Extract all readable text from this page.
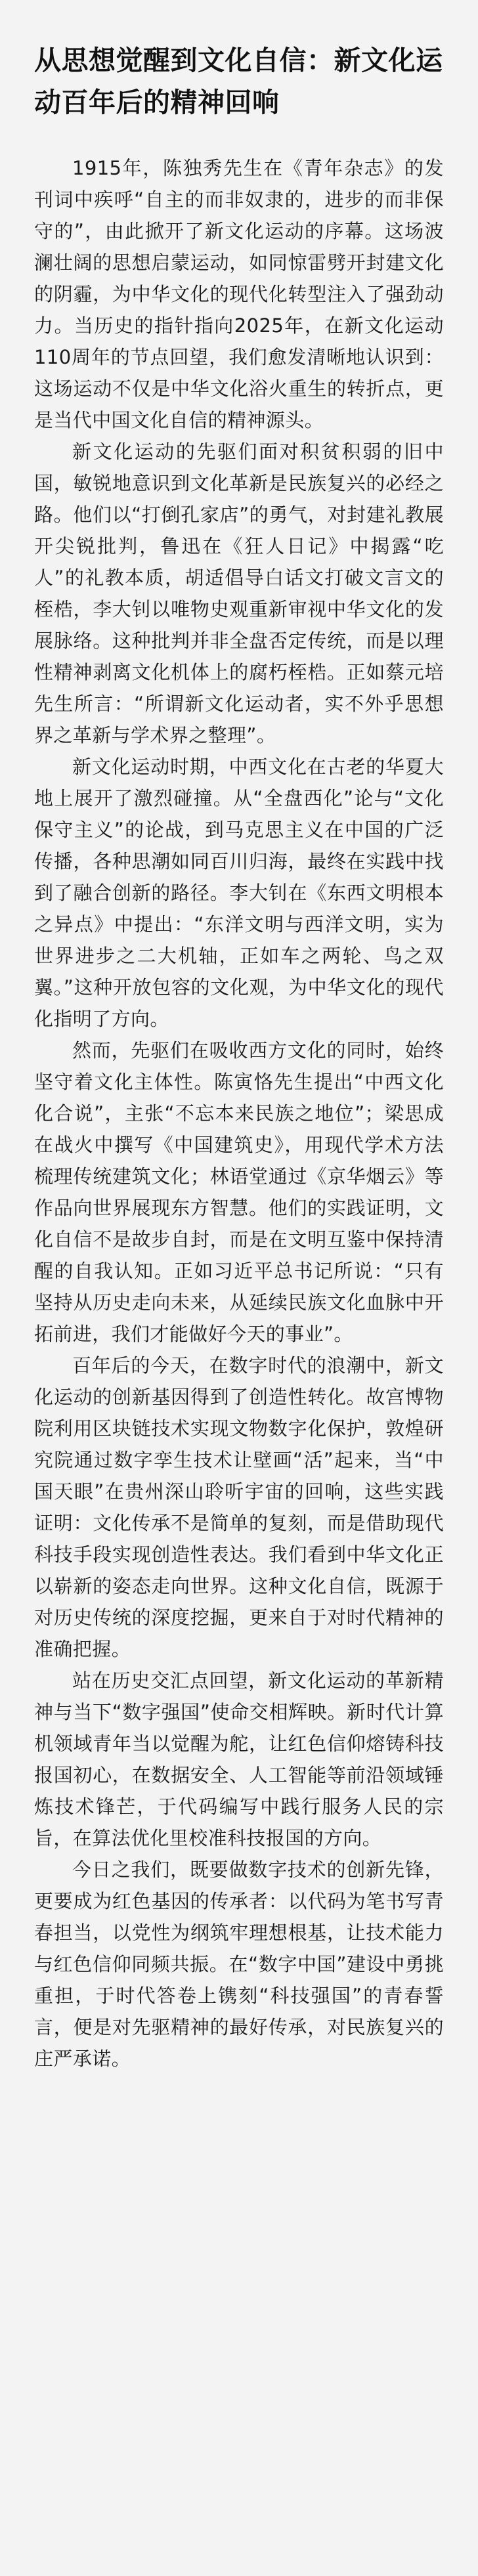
从思想觉醒到文化自信：新文化运动百年后的精神回响

1915年，陈独秀先生在《青年杂志》的发刊词中疾呼“自主的而非奴隶的，进步的而非保守的”，由此掀开了新文化运动的序幕。这场波澜壮阔的思想启蒙运动，如同惊雷劈开封建文化的阴霾，为中华文化的现代化转型注入了强劲动力。当历史的指针指向2025年，在新文化运动110周年的节点回望，我们愈发清晰地认识到：这场运动不仅是中华文化浴火重生的转折点，更是当代中国文化自信的精神源头。

新文化运动的先驱们面对积贫积弱的旧中国，敏锐地意识到文化革新是民族复兴的必经之路。他们以“打倒孔家店”的勇气，对封建礼教展开尖锐批判，鲁迅在《狂人日记》中揭露“吃人”的礼教本质，胡适倡导白话文打破文言文的桎梏，李大钊以唯物史观重新审视中华文化的发展脉络。这种批判并非全盘否定传统，而是以理性精神剥离文化机体上的腐朽桎梏。正如蔡元培先生所言：“所谓新文化运动者，实不外乎思想界之革新与学术界之整理”。

新文化运动时期，中西文化在古老的华夏大地上展开了激烈碰撞。从“全盘西化”论与“文化保守主义”的论战，到马克思主义在中国的广泛传播，各种思潮如同百川归海，最终在实践中找到了融合创新的路径。李大钊在《东西文明根本之异点》中提出：“东洋文明与西洋文明，实为世界进步之二大机轴，正如车之两轮、鸟之双翼。”这种开放包容的文化观，为中华文化的现代化指明了方向。

然而，先驱们在吸收西方文化的同时，始终坚守着文化主体性。陈寅恪先生提出“中西文化化合说”，主张“不忘本来民族之地位”；梁思成在战火中撰写《中国建筑史》，用现代学术方法梳理传统建筑文化；林语堂通过《京华烟云》等作品向世界展现东方智慧。他们的实践证明，文化自信不是故步自封，而是在文明互鉴中保持清醒的自我认知。正如习近平总书记所说：“只有坚持从历史走向未来，从延续民族文化血脉中开拓前进，我们才能做好今天的事业”。

百年后的今天，在数字时代的浪潮中，新文化运动的创新基因得到了创造性转化。故宫博物院利用区块链技术实现文物数字化保护，敦煌研究院通过数字孪生技术让壁画“活”起来，当“中国天眼”在贵州深山聆听宇宙的回响，这些实践证明：文化传承不是简单的复刻，而是借助现代科技手段实现创造性表达。我们看到中华文化正以崭新的姿态走向世界。这种文化自信，既源于对历史传统的深度挖掘，更来自于对时代精神的准确把握。

站在历史交汇点回望，新文化运动的革新精神与当下“数字强国”使命交相辉映。新时代计算机领域青年当以觉醒为舵，让红色信仰熔铸科技报国初心，在数据安全、人工智能等前沿领域锤炼技术锋芒，于代码编写中践行服务人民的宗旨，在算法优化里校准科技报国的方向。

今日之我们，既要做数字技术的创新先锋，更要成为红色基因的传承者：以代码为笔书写青春担当，以党性为纲筑牢理想根基，让技术能力与红色信仰同频共振。在“数字中国”建设中勇挑重担，于时代答卷上镌刻“科技强国”的青春誓言，便是对先驱精神的最好传承，对民族复兴的庄严承诺。
